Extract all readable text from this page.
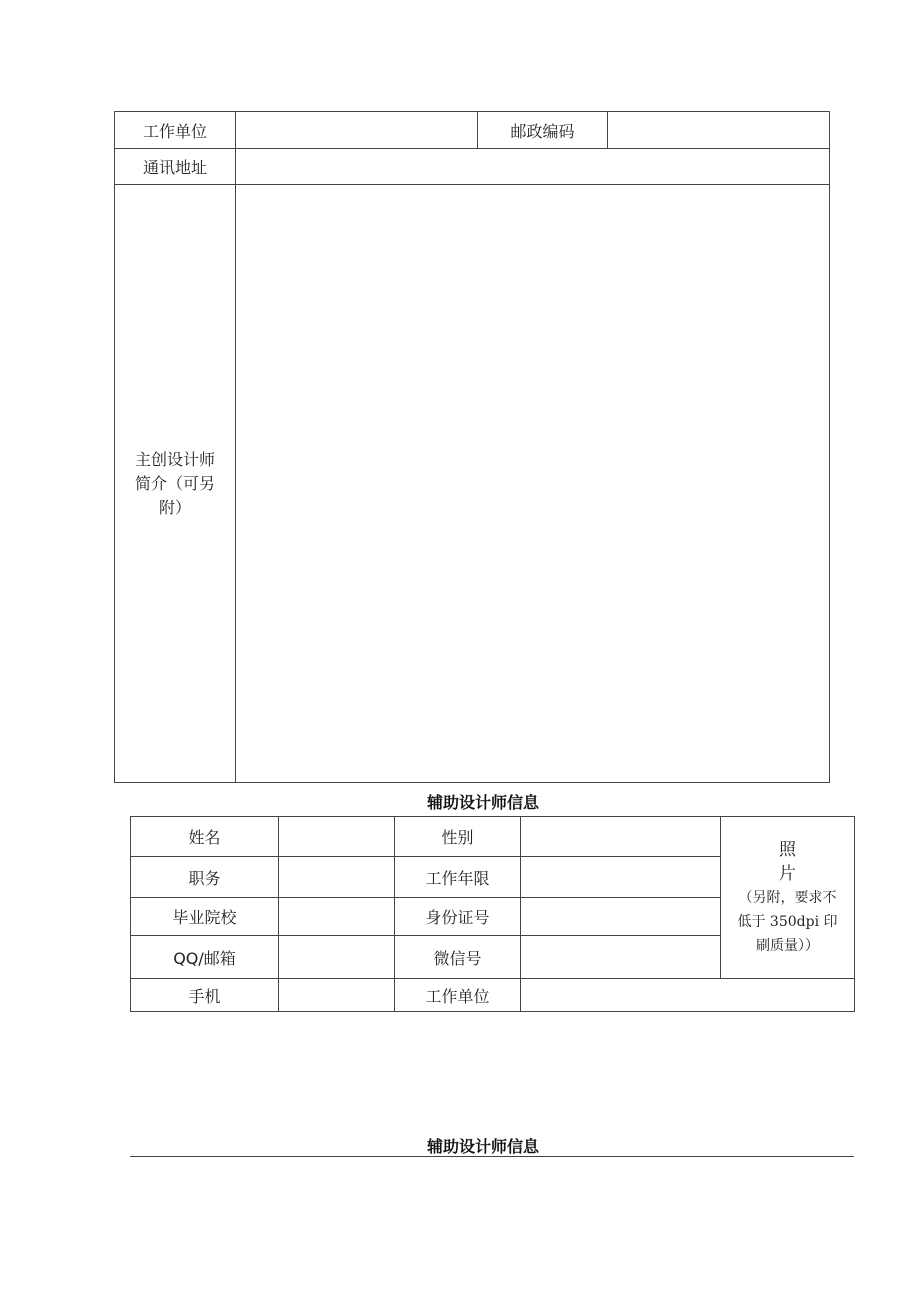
工作单位		邮政编码	
通讯地址			

主创设计师
简介（可另
附）			

辅助设计师信息
姓名		性别		照
片
（另附，要求不
低于 350dpi 印
刷质量））

职务		工作年限		
毕业院校		身份证号		
QQ/邮箱		微信号		
手机		工作单位		
辅助设计师信息
